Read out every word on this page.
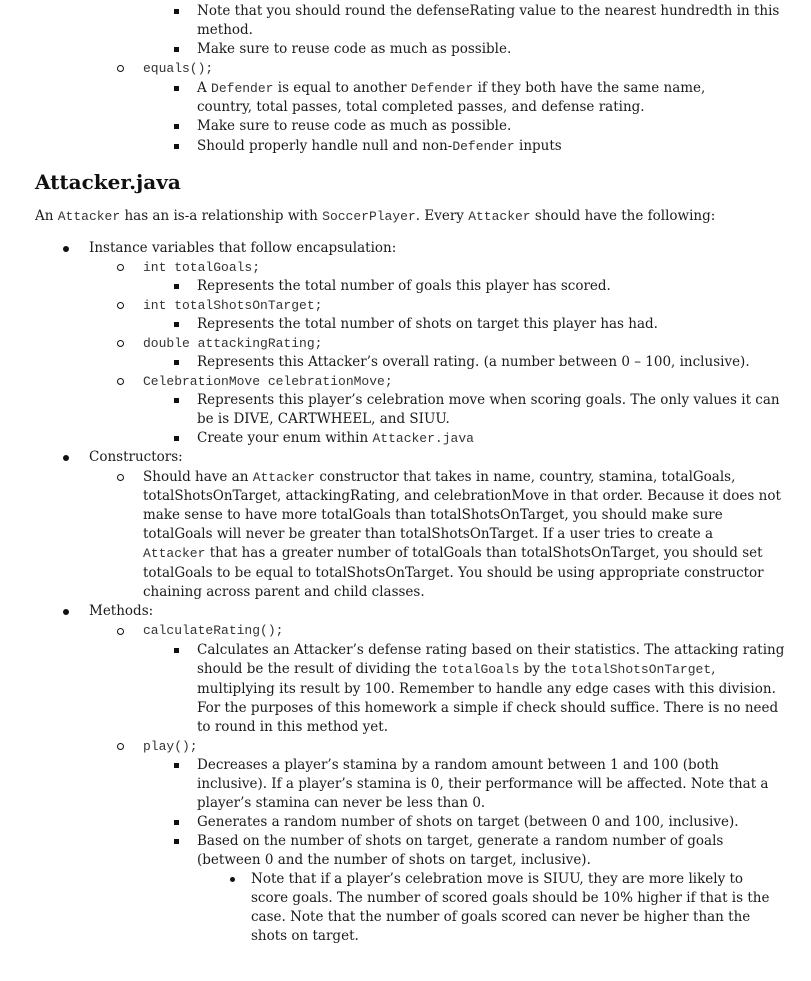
Note that you should round the defenseRating value to the nearest hundredth in this
method.
Make sure to reuse code as much as possible.
equals();
A Defender is equal to another Defender if they both have the same name,
country, total passes, total completed passes, and defense rating.
Make sure to reuse code as much as possible.
Should properly handle null and non-Defender inputs
Attacker.java
An Attacker has an is-a relationship with SoccerPlayer. Every Attacker should have the following:
Instance variables that follow encapsulation:
int totalGoals;
Represents the total number of goals this player has scored.
int totalShotsOnTarget;
Represents the total number of shots on target this player has had.
double attackingRating;
Represents this Attacker’s overall rating. (a number between 0 – 100, inclusive).
CelebrationMove celebrationMove;
Represents this player’s celebration move when scoring goals. The only values it can
be is DIVE, CARTWHEEL, and SIUU.
Create your enum within Attacker.java
Constructors:
Should have an Attacker constructor that takes in name, country, stamina, totalGoals,
totalShotsOnTarget, attackingRating, and celebrationMove in that order. Because it does not
make sense to have more totalGoals than totalShotsOnTarget, you should make sure
totalGoals will never be greater than totalShotsOnTarget. If a user tries to create a
Attacker that has a greater number of totalGoals than totalShotsOnTarget, you should set
totalGoals to be equal to totalShotsOnTarget. You should be using appropriate constructor
chaining across parent and child classes.
Methods:
calculateRating();
Calculates an Attacker’s defense rating based on their statistics. The attacking rating
should be the result of dividing the totalGoals by the totalShotsOnTarget,
multiplying its result by 100. Remember to handle any edge cases with this division.
For the purposes of this homework a simple if check should suffice. There is no need
to round in this method yet.
play();
Decreases a player’s stamina by a random amount between 1 and 100 (both
inclusive). If a player’s stamina is 0, their performance will be affected. Note that a
player’s stamina can never be less than 0.
Generates a random number of shots on target (between 0 and 100, inclusive).
Based on the number of shots on target, generate a random number of goals
(between 0 and the number of shots on target, inclusive).
Note that if a player’s celebration move is SIUU, they are more likely to
score goals. The number of scored goals should be 10% higher if that is the
case. Note that the number of goals scored can never be higher than the
shots on target.
